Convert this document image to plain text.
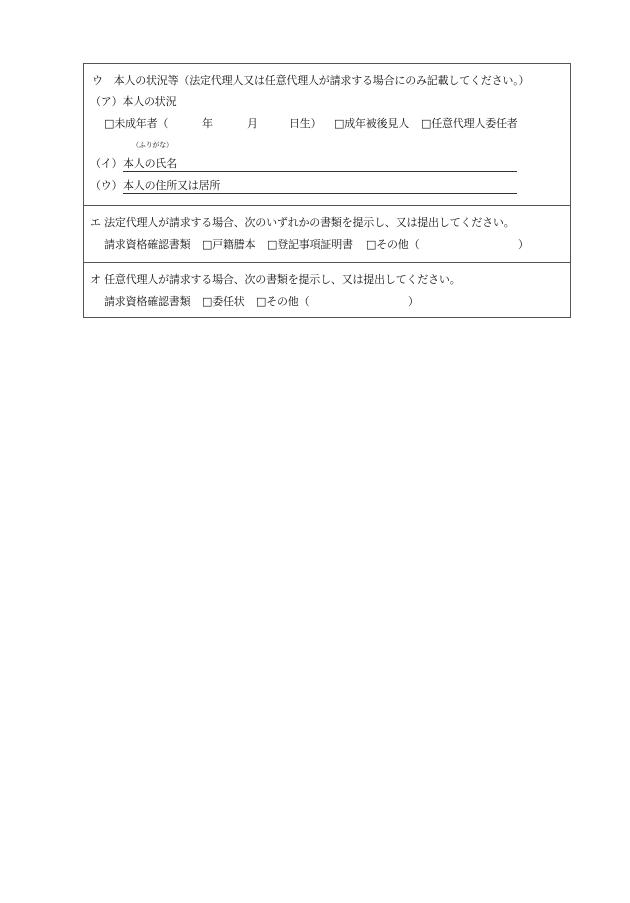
ウ　本人の状況等（法定代理人又は任意代理人が請求する場合にのみ記載してください。）
（ア）本人の状況
□未成年者（	年	月	日生） □成年被後見人 □任意代理人委任者
（ふりがな）
（イ） 本人の氏名
（ウ） 本人の住所又は居所
エ 法定代理人が請求する場合、次のいずれかの書類を提示し、又は提出してください。
請求資格確認書類 □戸籍謄本 □登記事項証明書 □その他（	）
オ 任意代理人が請求する場合、次の書類を提示し、又は提出してください。
請求資格確認書類 □委任状 □その他（	）
